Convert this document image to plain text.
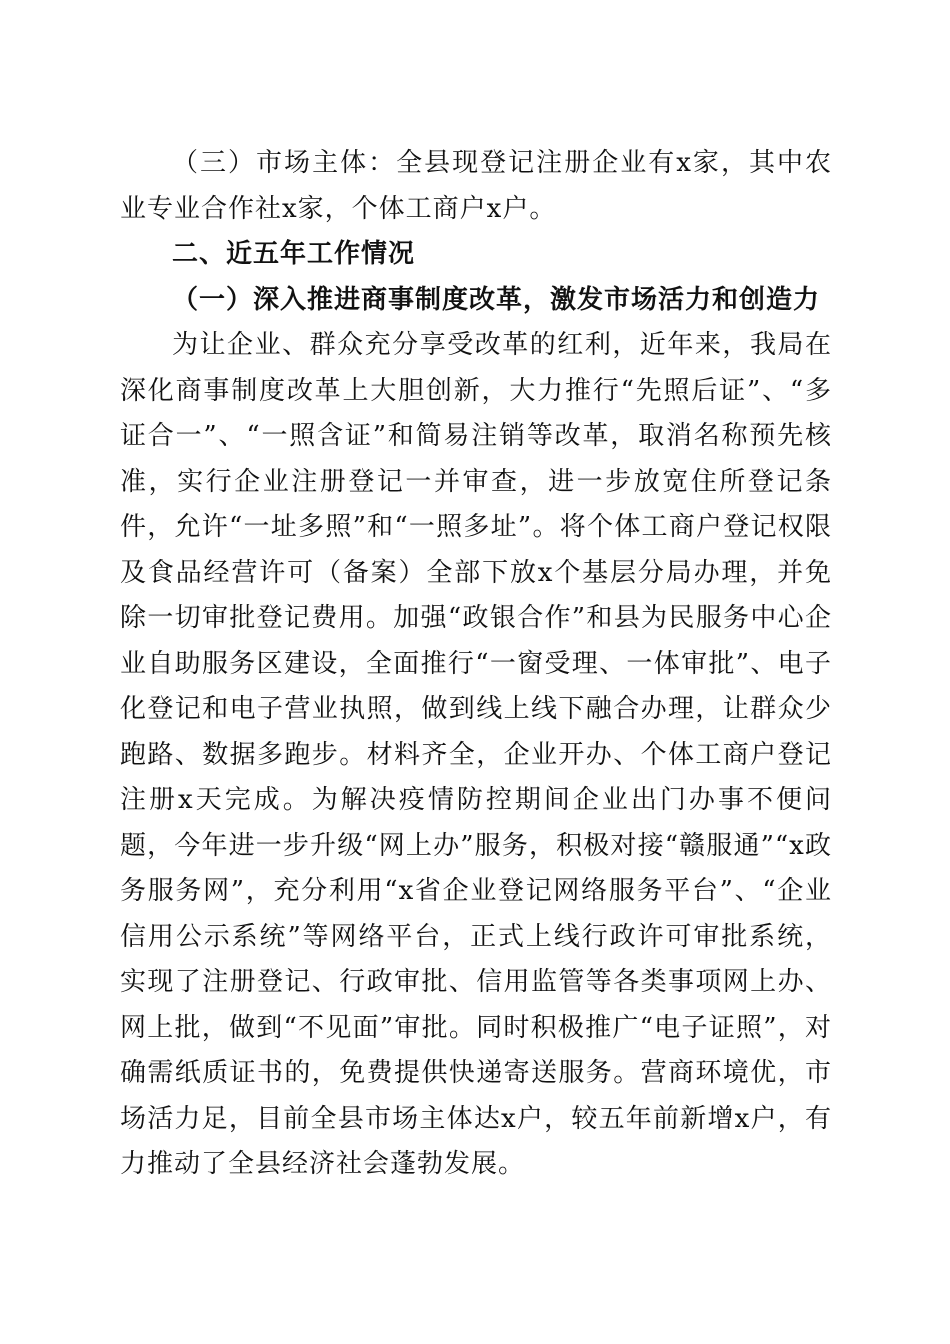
（三）市场主体：全县现登记注册企业有x家，其中农业专业合作社x家，个体工商户x户。

二、近五年工作情况

（一）深入推进商事制度改革，激发市场活力和创造力

为让企业、群众充分享受改革的红利，近年来，我局在深化商事制度改革上大胆创新，大力推行“先照后证”、“多证合一”、“一照含证”和简易注销等改革，取消名称预先核准，实行企业注册登记一并审查，进一步放宽住所登记条件，允许“一址多照”和“一照多址”。将个体工商户登记权限及食品经营许可（备案）全部下放x个基层分局办理，并免除一切审批登记费用。加强“政银合作”和县为民服务中心企业自助服务区建设，全面推行“一窗受理、一体审批”、电子化登记和电子营业执照，做到线上线下融合办理，让群众少跑路、数据多跑步。材料齐全，企业开办、个体工商户登记注册x天完成。为解决疫情防控期间企业出门办事不便问题，今年进一步升级“网上办”服务，积极对接“赣服通”“x政务服务网”，充分利用“x省企业登记网络服务平台”、“企业信用公示系统”等网络平台，正式上线行政许可审批系统，实现了注册登记、行政审批、信用监管等各类事项网上办、网上批，做到“不见面”审批。同时积极推广“电子证照”，对确需纸质证书的，免费提供快递寄送服务。营商环境优，市场活力足，目前全县市场主体达x户，较五年前新增x户，有力推动了全县经济社会蓬勃发展。
